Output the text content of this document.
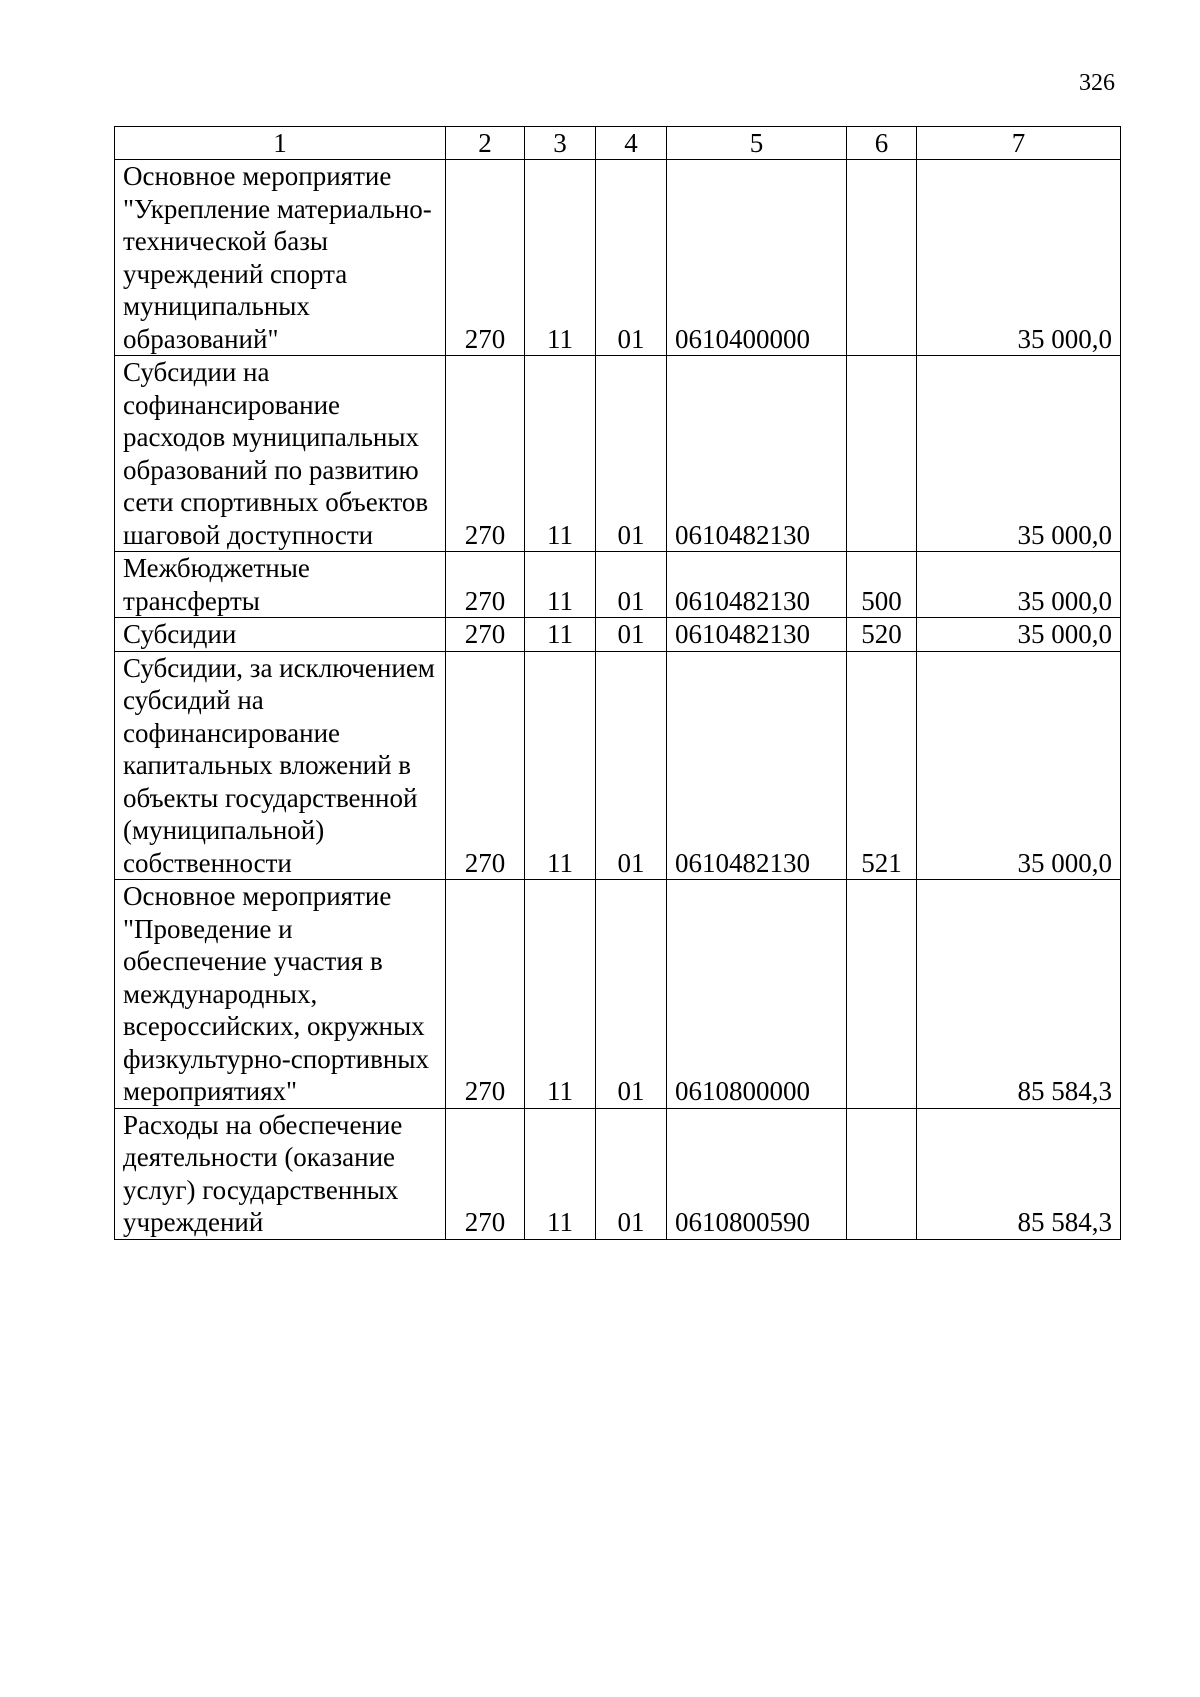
326
1	2	3	4	5	6	7
Основное мероприятие "Укрепление материально-технической базы учреждений спорта муниципальных образований"	270	11	01	0610400000		35 000,0
Субсидии на софинансирование расходов муниципальных образований по развитию сети спортивных объектов шаговой доступности	270	11	01	0610482130		35 000,0
Межбюджетные трансферты	270	11	01	0610482130	500	35 000,0
Субсидии	270	11	01	0610482130	520	35 000,0
Субсидии, за исключением субсидий на софинансирование капитальных вложений в объекты государственной (муниципальной) собственности	270	11	01	0610482130	521	35 000,0
Основное мероприятие "Проведение и обеспечение участия в международных, всероссийских, окружных физкультурно-спортивных мероприятиях"	270	11	01	0610800000		85 584,3
Расходы на обеспечение деятельности (оказание услуг) государственных учреждений	270	11	01	0610800590		85 584,3
